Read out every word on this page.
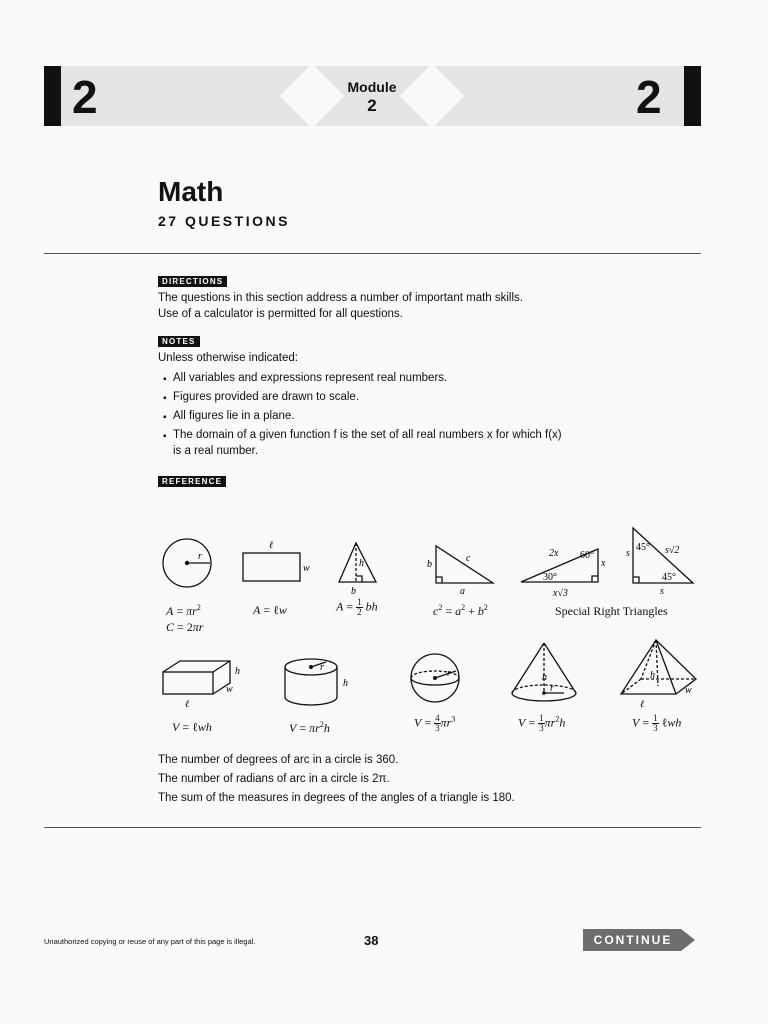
2	2
Module
2
Math
27 QUESTIONS
DIRECTIONS
The questions in this section address a number of important math skills.
Use of a calculator is permitted for all questions.
NOTES
Unless otherwise indicated:
▪ All variables and expressions represent real numbers.
▪ Figures provided are drawn to scale.
▪ All figures lie in a plane.
▪ The domain of a given function f is the set of all real numbers x for which f(x)
is a real number.
REFERENCE
r
ℓ
w	h
b
b
c
a
2x 60°
x
30°
x√3
s
45° s√2
45°
s
h
w
ℓ
r
h
r	h
r
h
w
ℓ
$A = \pi r^2$
C = 2πr
A = ℓw	$A = \frac{1}{2}$ bh	$c^2 = a^2 + b^2$	Special Right Triangles
V = ℓwh	$V = \pi r^2h$	$V = \frac{4}{3} \pi r^3$	$V = \frac{1}{3} \pi r^2h$	$V = \frac{1}{3}$ ℓwh
The number of degrees of arc in a circle is 360.
The number of radians of arc in a circle is 2π.
The sum of the measures in degrees of the angles of a triangle is 180.
Unauthorized copying or reuse of any part of this page is illegal.	38	CONTINUE
